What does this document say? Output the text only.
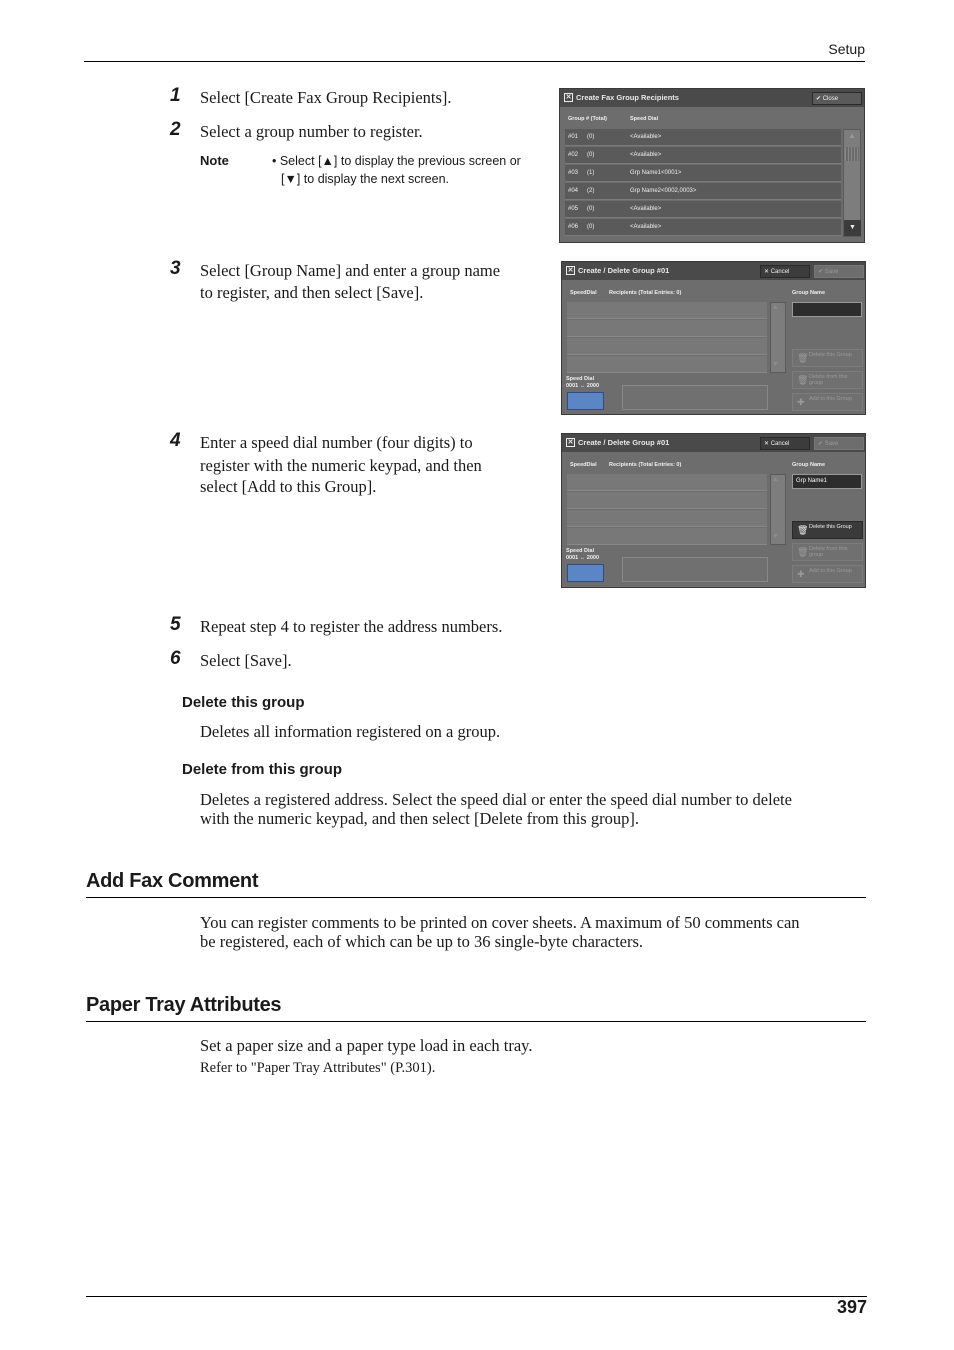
Setup
1 Select [Create Fax Group Recipients].
2 Select a group number to register.
Note	• Select [▲] to display the previous screen or
[▼] to display the next screen.
✕ Create Fax Group Recipients	✔ Close
Group # (Total)	Speed Dial
#01 (0)	<Available>
#02 (0)	<Available>
#03 (1)	Grp Name1<0001>
#04 (2)	Grp Name2<0002,0003>
#05 (0)	<Available>
#06 (0)	<Available>
▲
▼
3 Select [Group Name] and enter a group name
to register, and then select [Save].
✕ Create / Delete Group #01	✕ Cancel	✔ Save
SpeedDial Recipients (Total Entries: 0)	Group Name
▲
▼
🗑 Delete this Group
🗑 Delete from this group
✚ Add to this Group
Speed Dial
0001 ↔ 2000
4 Enter a speed dial number (four digits) to
register with the numeric keypad, and then
select [Add to this Group].
✕ Create / Delete Group #01	✕ Cancel	✔ Save
SpeedDial Recipients (Total Entries: 0)	Group Name
▲
▼
Grp Name1
🗑 Delete this Group
🗑 Delete from this group
✚ Add to this Group
Speed Dial
0001 ↔ 2000
5 Repeat step 4 to register the address numbers.
6 Select [Save].
Delete this group
Deletes all information registered on a group.
Delete from this group
Deletes a registered address. Select the speed dial or enter the speed dial number to delete
with the numeric keypad, and then select [Delete from this group].
Add Fax Comment
You can register comments to be printed on cover sheets. A maximum of 50 comments can
be registered, each of which can be up to 36 single-byte characters.
Paper Tray Attributes
Set a paper size and a paper type load in each tray.
Refer to "Paper Tray Attributes" (P.301).
397
